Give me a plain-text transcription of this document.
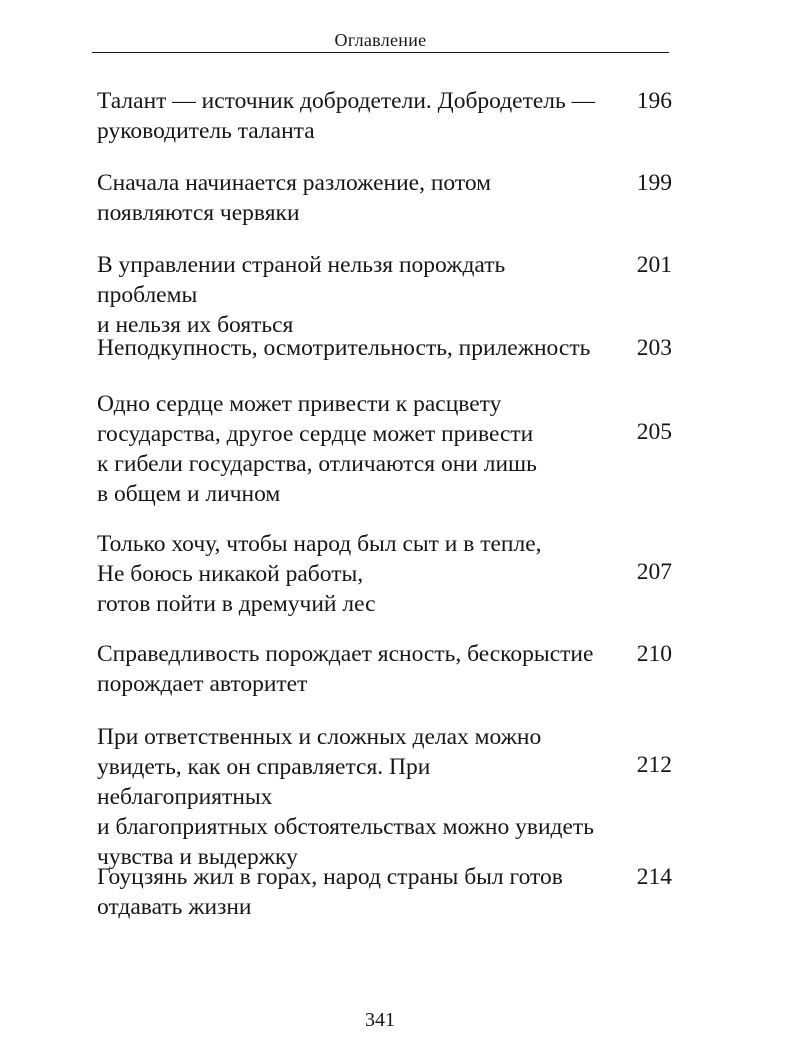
Оглавление
Талант — источник добродетели. Добродетель —
руководитель таланта
196
Сначала начинается разложение, потом
появляются червяки
199
В управлении страной нельзя порождать проблемы
и нельзя их бояться
201
Неподкупность, осмотрительность, прилежность	203
Одно сердце может привести к расцвету
государства, другое сердце может привести
к гибели государства, отличаются они лишь
в общем и личном
205
Только хочу, чтобы народ был сыт и в тепле,
Не боюсь никакой работы,
готов пойти в дремучий лес
207
Справедливость порождает ясность, бескорыстие
порождает авторитет
210
При ответственных и сложных делах можно
увидеть, как он справляется. При неблагоприятных
и благоприятных обстоятельствах можно увидеть
чувства и выдержку
212
Гоуцзянь жил в горах, народ страны был готов
отдавать жизни
214
341
